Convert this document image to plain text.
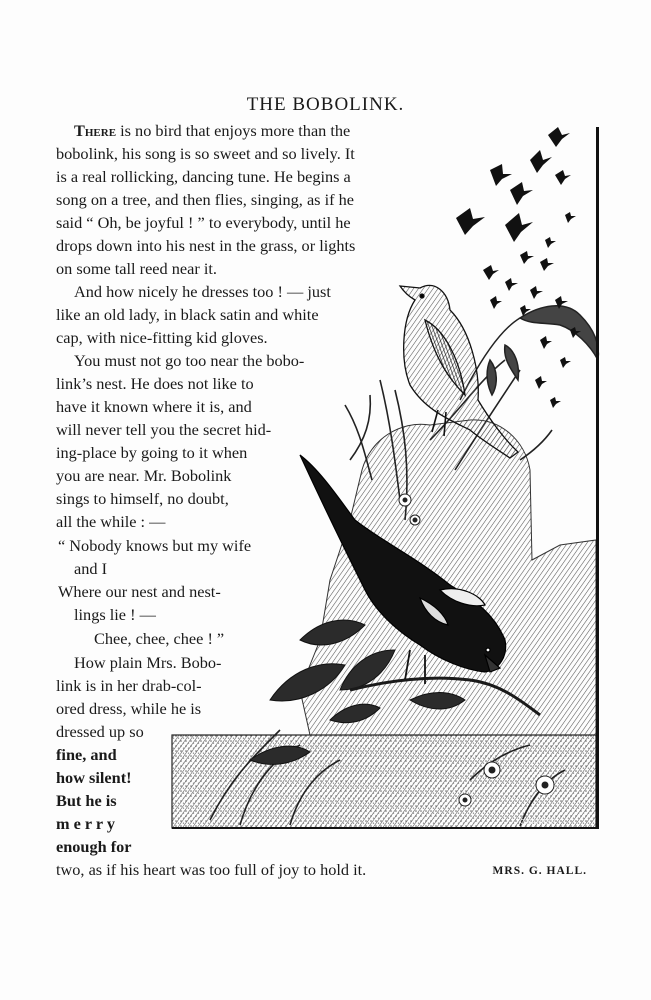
C.BARKER
THE BOBOLINK.
There is no bird that enjoys more than the
bobolink, his song is so sweet and so lively. It
is a real rollicking, dancing tune. He begins a
song on a tree, and then flies, singing, as if he
said “ Oh, be joyful ! ” to everybody, until he
drops down into his nest in the grass, or lights
on some tall reed near it.
And how nicely he dresses too ! — just
like an old lady, in black satin and white
cap, with nice-fitting kid gloves.
You must not go too near the bobo-
link’s nest. He does not like to
have it known where it is, and
will never tell you the secret hid-
ing-place by going to it when
you are near. Mr. Bobolink
sings to himself, no doubt,
all the while : —
“ Nobody knows but my wife
and I
Where our nest and nest-
lings lie ! —
Chee, chee, chee ! ”
How plain Mrs. Bobo-
link is in her drab-col-
ored dress, while he is
dressed up so
fine, and
how silent!
But he is
m e r r y
enough for
two, as if his heart was too full of joy to hold it.	MRS. G. HALL.
